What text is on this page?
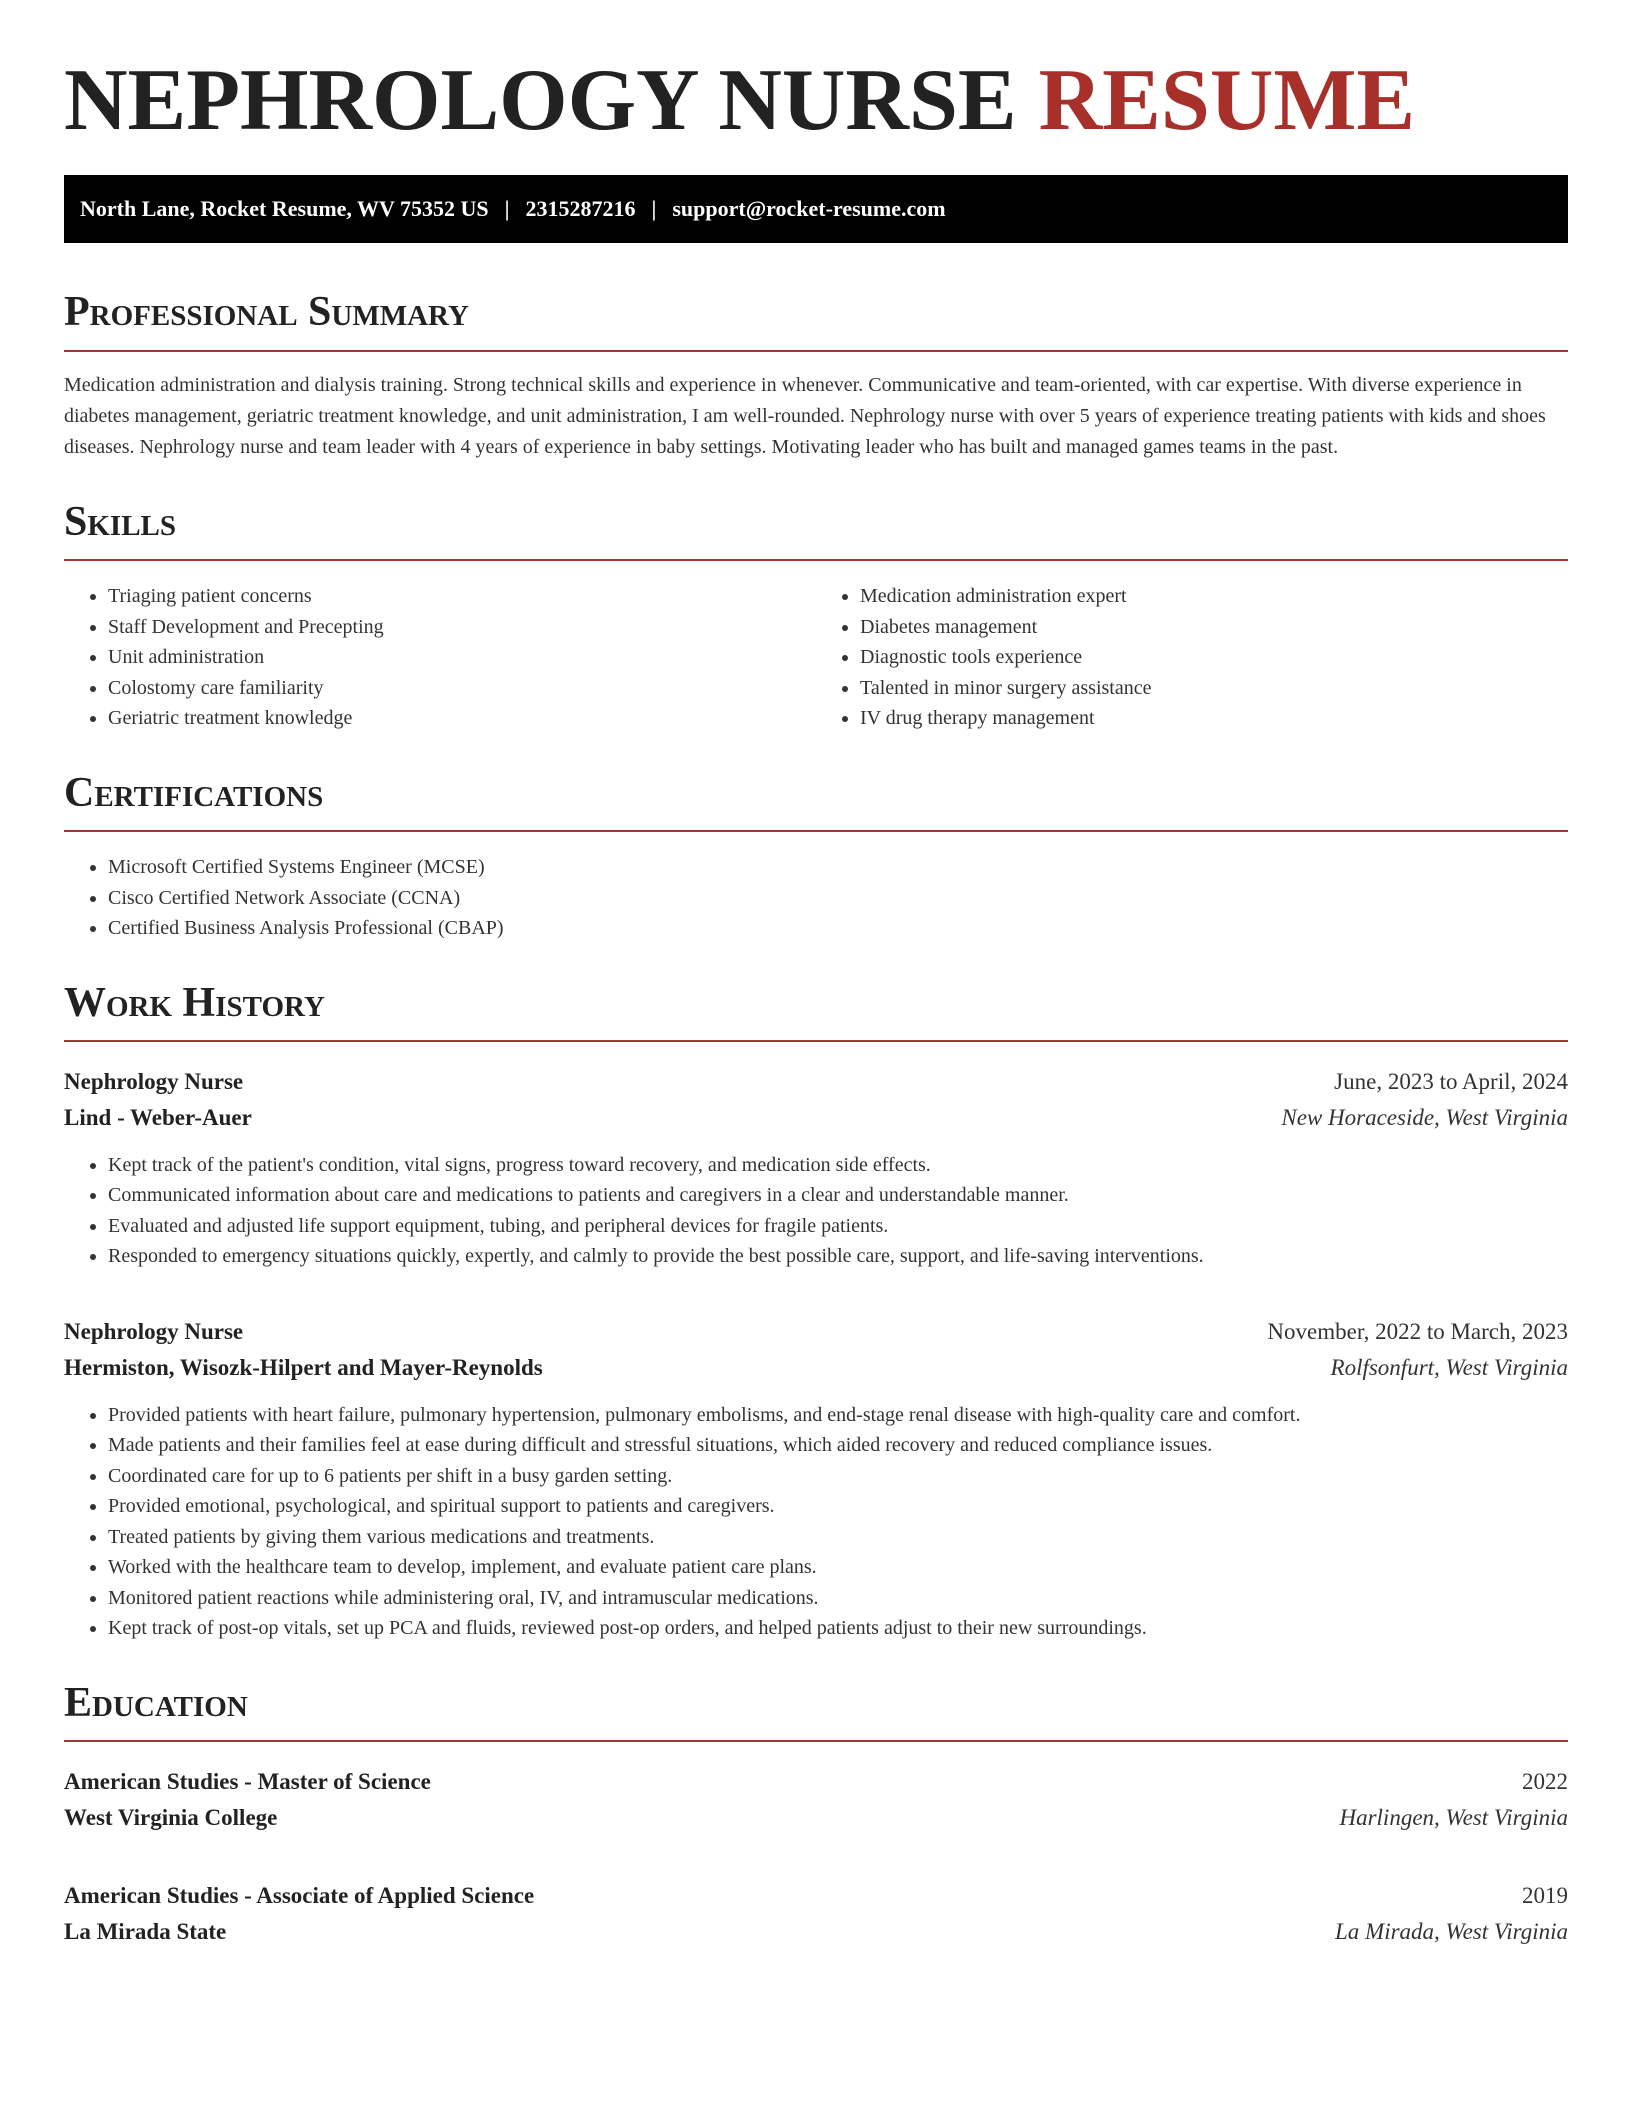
NEPHROLOGY NURSE RESUME
North Lane, Rocket Resume, WV 75352 US | 2315287216 | support@rocket-resume.com
Professional Summary

Medication administration and dialysis training. Strong technical skills and experience in whenever. Communicative and team-oriented, with car expertise. With diverse experience in diabetes management, geriatric treatment knowledge, and unit administration, I am well-rounded. Nephrology nurse with over 5 years of experience treating patients with kids and shoes diseases. Nephrology nurse and team leader with 4 years of experience in baby settings. Motivating leader who has built and managed games teams in the past.

Skills
• Triaging patient concerns
• Staff Development and Precepting
• Unit administration
• Colostomy care familiarity
• Geriatric treatment knowledge
• Medication administration expert
• Diabetes management
• Diagnostic tools experience
• Talented in minor surgery assistance
• IV drug therapy management
Certifications
• Microsoft Certified Systems Engineer (MCSE)
• Cisco Certified Network Associate (CCNA)
• Certified Business Analysis Professional (CBAP)
Work History
Nephrology Nurse	June, 2023 to April, 2024
Lind - Weber-Auer	New Horaceside, West Virginia
• Kept track of the patient's condition, vital signs, progress toward recovery, and medication side effects.
• Communicated information about care and medications to patients and caregivers in a clear and understandable manner.
• Evaluated and adjusted life support equipment, tubing, and peripheral devices for fragile patients.
• Responded to emergency situations quickly, expertly, and calmly to provide the best possible care, support, and life-saving interventions.
Nephrology Nurse	November, 2022 to March, 2023
Hermiston, Wisozk-Hilpert and Mayer-Reynolds	Rolfsonfurt, West Virginia
• Provided patients with heart failure, pulmonary hypertension, pulmonary embolisms, and end-stage renal disease with high-quality care and comfort.
• Made patients and their families feel at ease during difficult and stressful situations, which aided recovery and reduced compliance issues.
• Coordinated care for up to 6 patients per shift in a busy garden setting.
• Provided emotional, psychological, and spiritual support to patients and caregivers.
• Treated patients by giving them various medications and treatments.
• Worked with the healthcare team to develop, implement, and evaluate patient care plans.
• Monitored patient reactions while administering oral, IV, and intramuscular medications.
• Kept track of post-op vitals, set up PCA and fluids, reviewed post-op orders, and helped patients adjust to their new surroundings.
Education
American Studies - Master of Science	2022
West Virginia College	Harlingen, West Virginia
American Studies - Associate of Applied Science	2019
La Mirada State	La Mirada, West Virginia
